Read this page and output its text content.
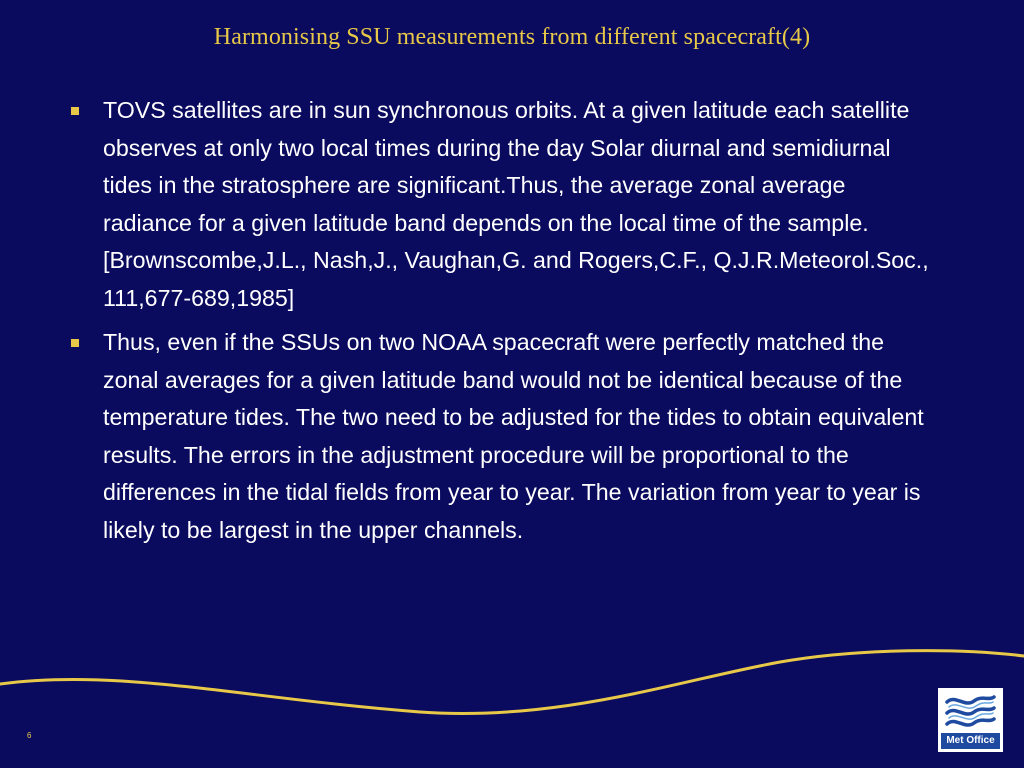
Harmonising SSU measurements from different spacecraft(4)
TOVS satellites are in sun synchronous orbits. At a given latitude each satellite observes at only two local times during the day Solar diurnal and semidiurnal tides in the stratosphere are significant.Thus, the average zonal average radiance for a given latitude band depends on the local time of the sample. [Brownscombe,J.L., Nash,J., Vaughan,G. and Rogers,C.F., Q.J.R.Meteorol.Soc., 111,677-689,1985]
Thus, even if the SSUs on two NOAA spacecraft were perfectly matched the zonal averages for a given latitude band would not be identical because of the temperature tides. The two need to be adjusted for the tides to obtain equivalent results. The errors in the adjustment procedure will be proportional to the differences in the tidal fields from year to year. The variation from year to year is likely to be largest in the upper channels.
6	Met Office
